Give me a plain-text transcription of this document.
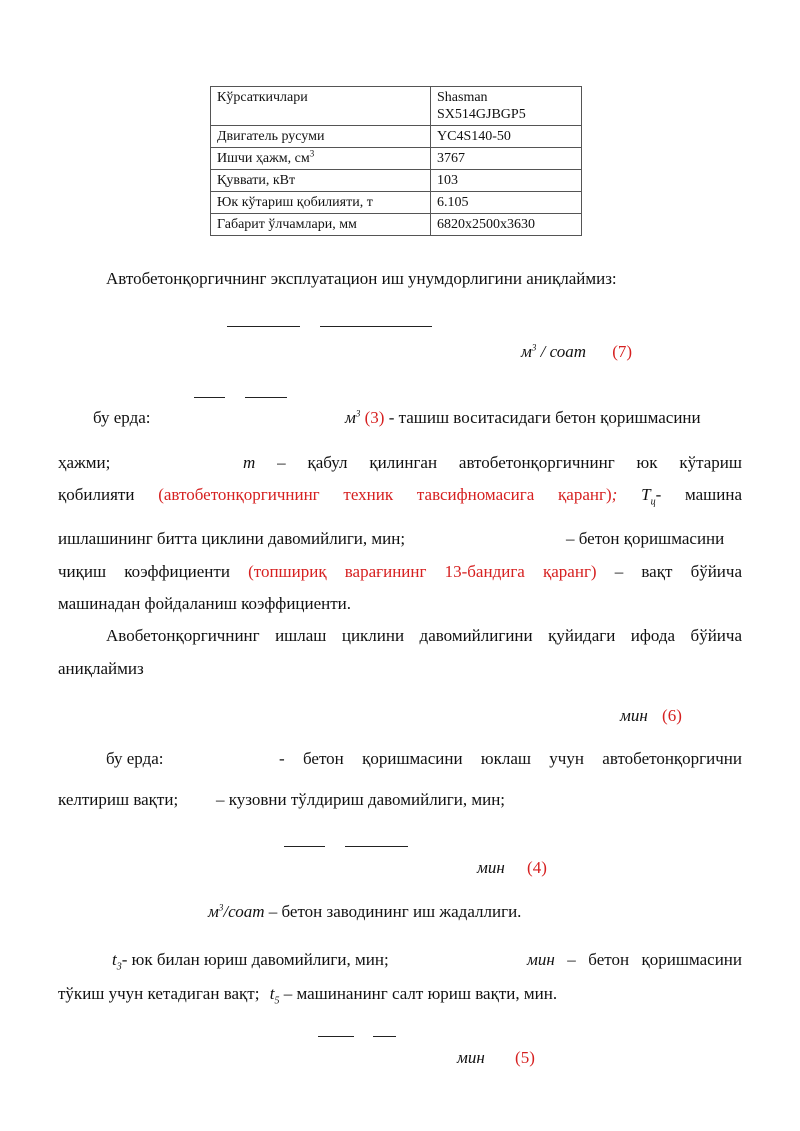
Кўрсаткичлари	Shasman
SX514GJBGP5
Двигатель русуми	YC4S140-50
Ишчи ҳажм, $см^3$	3767
Қуввати, кВт	103
Юк кўтариш қобилияти, т	6.105
Габарит ўлчамлари, мм	6820x2500x3630
Автобетонқоргичнинг эксплуатацион иш унумдорлигини аниқлаймиз:
$м^3$ / соат (7)
бу ерда:	$м^3$ (3) - ташиш воситасидаги бетон қоришмасини
ҳажми;	т – қабул қилинган автобетонқоргичнинг юк кўтариш
қобилияти (автобетонқоргичнинг техник тавсифномасига қаранг); $Т_ц-$ машина
ишлашининг битта циклини давомийлиги, мин;	– бетон қоришмасини
чиқиш коэффициенти (топшириқ варағининг 13-бандига қаранг) – вақт бўйича
машинадан фойдаланиш коэффициенти.
Авобетонқоргичнинг ишлаш циклини давомийлигини қуйидаги ифода бўйича
аниқлаймиз
мин (6)
бу ерда:	- бетон қоришмасини юклаш учун автобетонқоргични
келтириш вақти; – кузовни тўлдириш давомийлиги, мин;
мин (4)
$м^3$/соат – бетон заводининг иш жадаллиги.
$t_3-$ юк билан юриш давомийлиги, мин;	мин – бетон қоришмасини
тўкиш учун кетадиган вақт; $t_5$ – машинанинг салт юриш вақти, мин.
мин (5)
